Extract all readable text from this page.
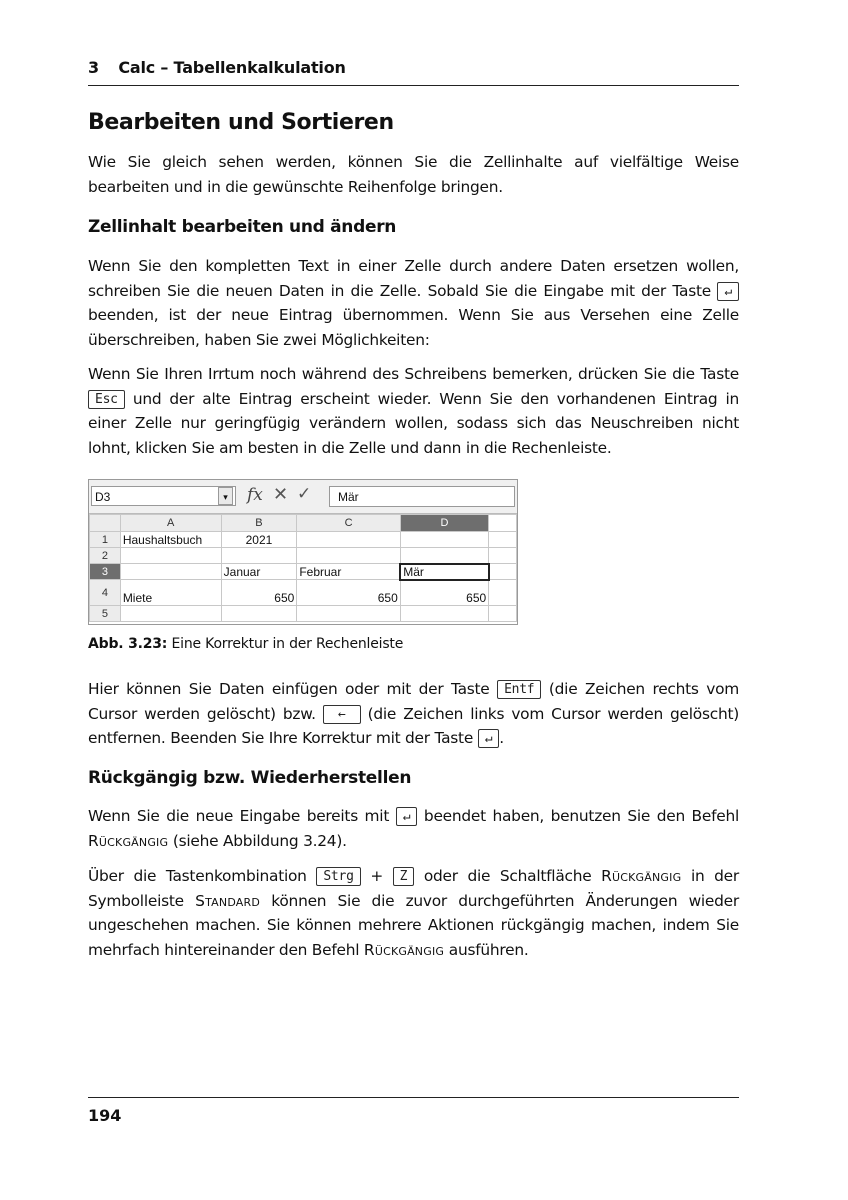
3 Calc – Tabellenkalkulation
Bearbeiten und Sortieren

Wie Sie gleich sehen werden, können Sie die Zellinhalte auf vielfältige Weise bearbeiten und in die gewünschte Reihenfolge bringen.

Zellinhalt bearbeiten und ändern

Wenn Sie den kompletten Text in einer Zelle durch andere Daten ersetzen wollen, schreiben Sie die neuen Daten in die Zelle. Sobald Sie die Eingabe mit der Taste ↵ beenden, ist der neue Eintrag übernommen. Wenn Sie aus Versehen eine Zelle überschreiben, haben Sie zwei Möglichkeiten:

Wenn Sie Ihren Irrtum noch während des Schreibens bemerken, drücken Sie die Taste Esc und der alte Eintrag erscheint wieder. Wenn Sie den vorhandenen Eintrag in einer Zelle nur geringfügig verändern wollen, sodass sich das Neuschreiben nicht lohnt, klicken Sie am besten in die Zelle und dann in die Rechenleiste.

D3	▾	fx ✕ ✓	Mär
	A	B	C	D	
1	Haushaltsbuch	2021			
2					
3		Januar	Februar	Mär	
4	Miete	650	650	650	
5					
Abb. 3.23: Eine Korrektur in der Rechenleiste

Hier können Sie Daten einfügen oder mit der Taste Entf (die Zeichen rechts vom Cursor werden gelöscht) bzw. ← (die Zeichen links vom Cursor werden gelöscht) entfernen. Beenden Sie Ihre Korrektur mit der Taste ↵ .

Rückgängig bzw. Wiederherstellen

Wenn Sie die neue Eingabe bereits mit ↵ beendet haben, benutzen Sie den Befehl Rückgängig (siehe Abbildung 3.24).

Über die Tastenkombination Strg + Z oder die Schaltfläche Rückgängig in der Symbolleiste Standard können Sie die zuvor durchgeführten Änderungen wieder ungeschehen machen. Sie können mehrere Aktionen rückgängig machen, indem Sie mehrfach hintereinander den Befehl Rückgängig ausführen.

194
